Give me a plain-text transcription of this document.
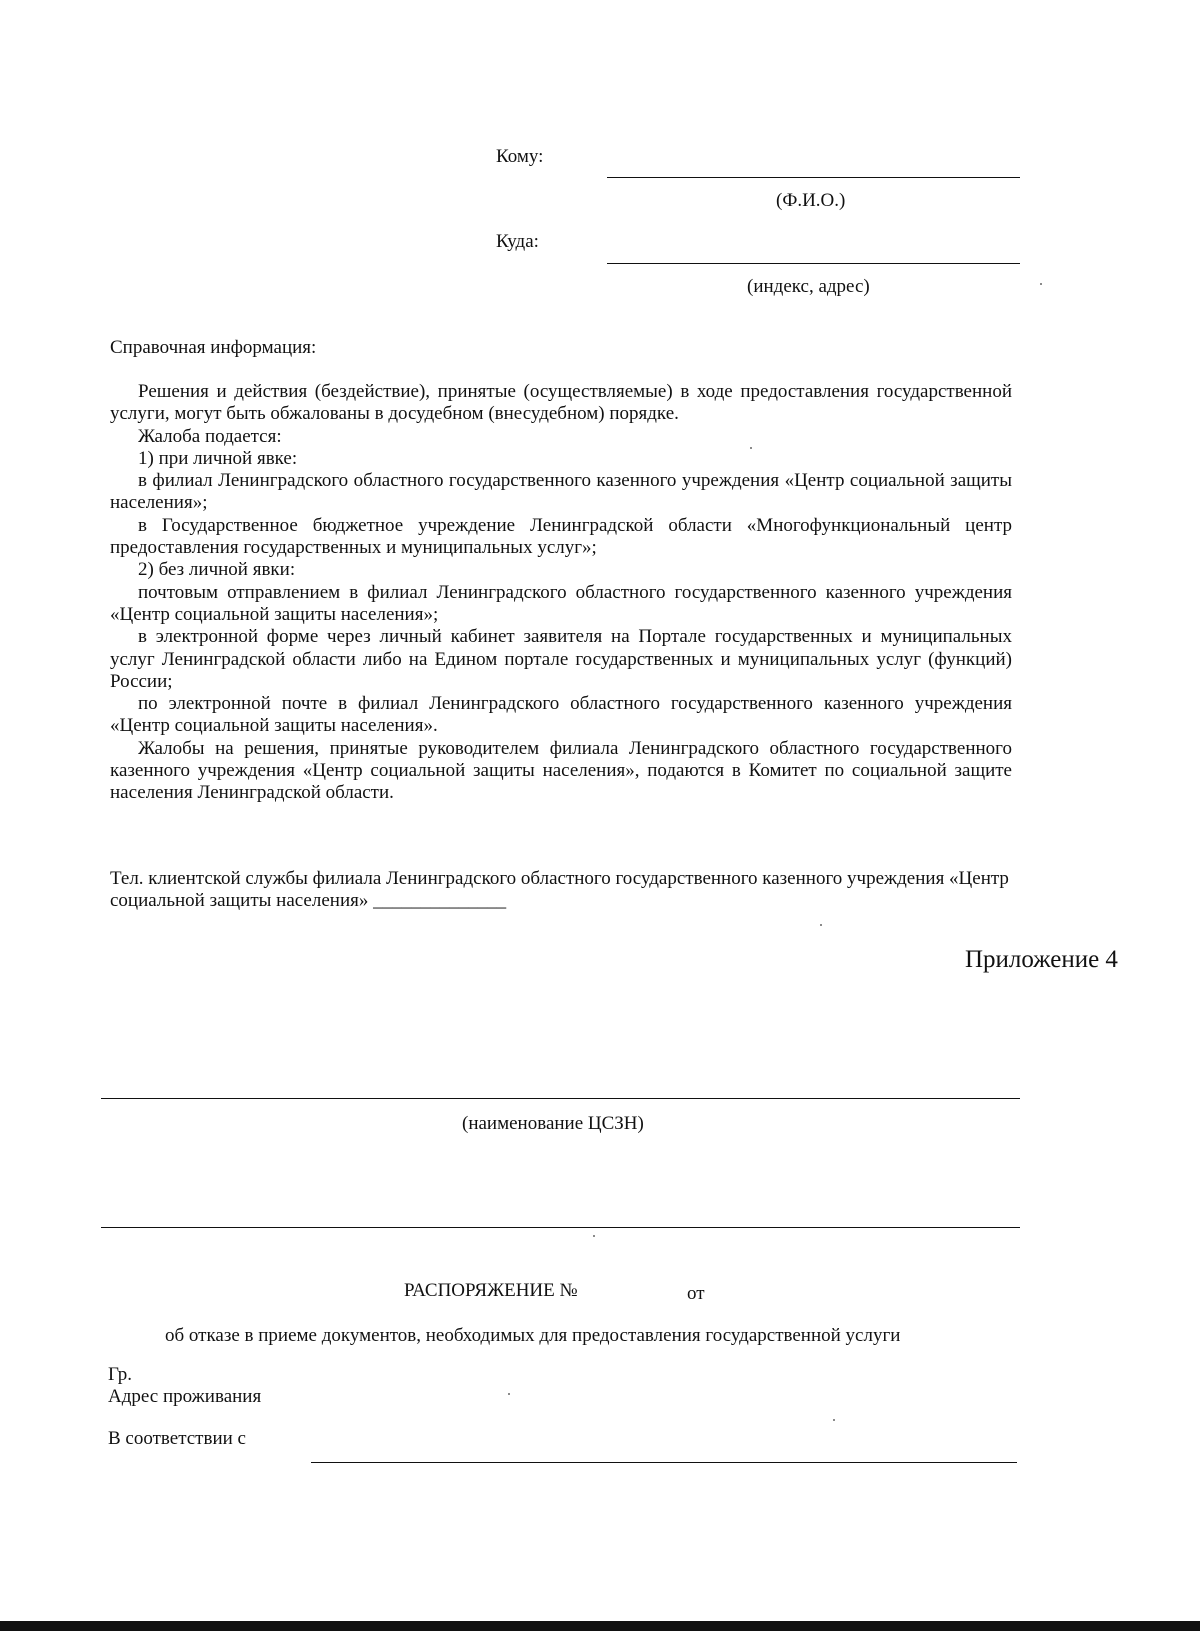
Кому:
(Ф.И.О.)
Куда:
(индекс, адрес)
Справочная информация:

Решения и действия (бездействие), принятые (осуществляемые) в ходе предоставления государственной услуги, могут быть обжалованы в досудебном (внесудебном) порядке.

Жалоба подается:

1) при личной явке:

в филиал Ленинградского областного государственного казенного учреждения «Центр социальной защиты населения»;

в Государственное бюджетное учреждение Ленинградской области «Многофункциональный центр предоставления государственных и муниципальных услуг»;

2) без личной явки:

почтовым отправлением в филиал Ленинградского областного государственного казенного учреждения «Центр социальной защиты населения»;

в электронной форме через личный кабинет заявителя на Портале государственных и муниципальных услуг Ленинградской области либо на Едином портале государственных и муниципальных услуг (функций) России;

по электронной почте в филиал Ленинградского областного государственного казенного учреждения «Центр социальной защиты населения».

Жалобы на решения, принятые руководителем филиала Ленинградского областного государственного казенного учреждения «Центр социальной защиты населения», подаются в Комитет по социальной защите населения Ленинградской области.

Тел. клиентской службы филиала Ленинградского областного государственного казенного учреждения «Центр социальной защиты населения» ______________

Приложение 4
(наименование ЦСЗН)
РАСПОРЯЖЕНИЕ №	от
об отказе в приеме документов, необходимых для предоставления государственной услуги
Гр.
Адрес проживания
В соответствии с
